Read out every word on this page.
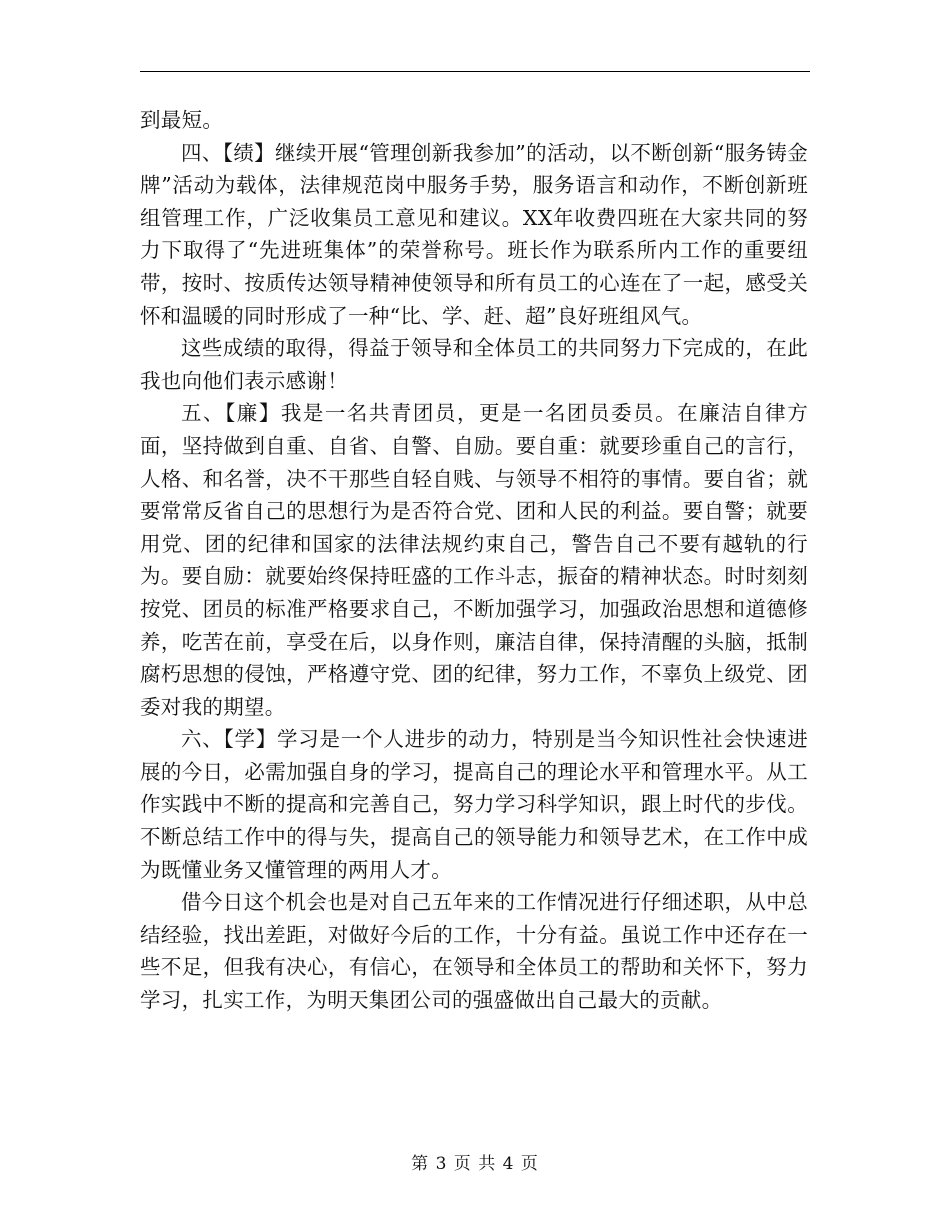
到最短。

四、【绩】继续开展“管理创新我参加”的活动，以不断创新“服务铸金牌”活动为载体，法律规范岗中服务手势，服务语言和动作，不断创新班组管理工作，广泛收集员工意见和建议。XX年收费四班在大家共同的努力下取得了“先进班集体”的荣誉称号。班长作为联系所内工作的重要纽带，按时、按质传达领导精神使领导和所有员工的心连在了一起，感受关怀和温暖的同时形成了一种“比、学、赶、超”良好班组风气。

这些成绩的取得，得益于领导和全体员工的共同努力下完成的，在此我也向他们表示感谢！

五、【廉】我是一名共青团员，更是一名团员委员。在廉洁自律方面，坚持做到自重、自省、自警、自励。要自重：就要珍重自己的言行，人格、和名誉，决不干那些自轻自贱、与领导不相符的事情。要自省；就要常常反省自己的思想行为是否符合党、团和人民的利益。要自警；就要用党、团的纪律和国家的法律法规约束自己，警告自己不要有越轨的行为。要自励：就要始终保持旺盛的工作斗志，振奋的精神状态。时时刻刻按党、团员的标准严格要求自己，不断加强学习，加强政治思想和道德修养，吃苦在前，享受在后，以身作则，廉洁自律，保持清醒的头脑，抵制腐朽思想的侵蚀，严格遵守党、团的纪律，努力工作，不辜负上级党、团委对我的期望。

六、【学】学习是一个人进步的动力，特别是当今知识性社会快速进展的今日，必需加强自身的学习，提高自己的理论水平和管理水平。从工作实践中不断的提高和完善自己，努力学习科学知识，跟上时代的步伐。不断总结工作中的得与失，提高自己的领导能力和领导艺术，在工作中成为既懂业务又懂管理的两用人才。

借今日这个机会也是对自己五年来的工作情况进行仔细述职，从中总结经验，找出差距，对做好今后的工作，十分有益。虽说工作中还存在一些不足，但我有决心，有信心，在领导和全体员工的帮助和关怀下，努力学习，扎实工作，为明天集团公司的强盛做出自己最大的贡献。

第 3 页 共 4 页
